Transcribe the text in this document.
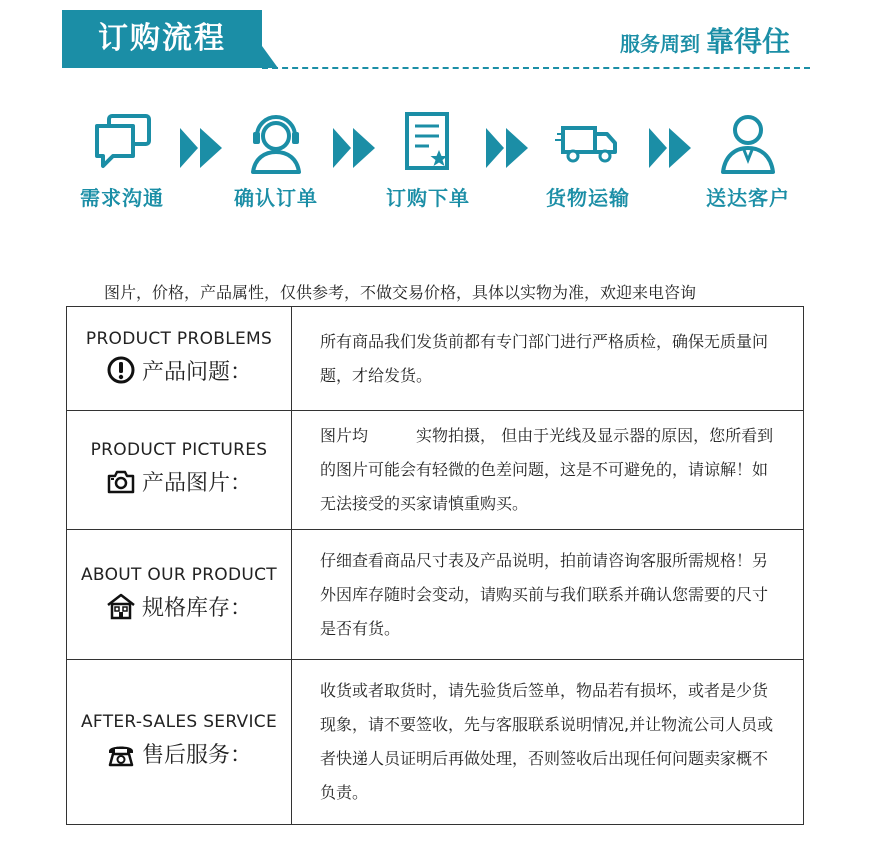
订购流程	服务周到 靠得住
需求沟通	确认订单	订购下单	货物运输	送达客户
图片，价格，产品属性，仅供参考，不做交易价格，具体以实物为准，欢迎来电咨询
PRODUCT PROBLEMS
产品问题：	所有商品我们发货前都有专门部门进行严格质检，确保无质量问题，才给发货。

PRODUCT PICTURES
产品图片：	图片均　　　实物拍摄， 但由于光线及显示器的原因，您所看到的图片可能会有轻微的色差问题，这是不可避免的，请谅解！如无法接受的买家请慎重购买。

ABOUT OUR PRODUCT
规格库存：	仔细查看商品尺寸表及产品说明，拍前请咨询客服所需规格！另外因库存随时会变动，请购买前与我们联系并确认您需要的尺寸是否有货。

AFTER-SALES SERVICE
售后服务：	收货或者取货时，请先验货后签单，物品若有损坏，或者是少货现象，请不要签收，先与客服联系说明情况,并让物流公司人员或者快递人员证明后再做处理，否则签收后出现任何问题卖家概不负责。
